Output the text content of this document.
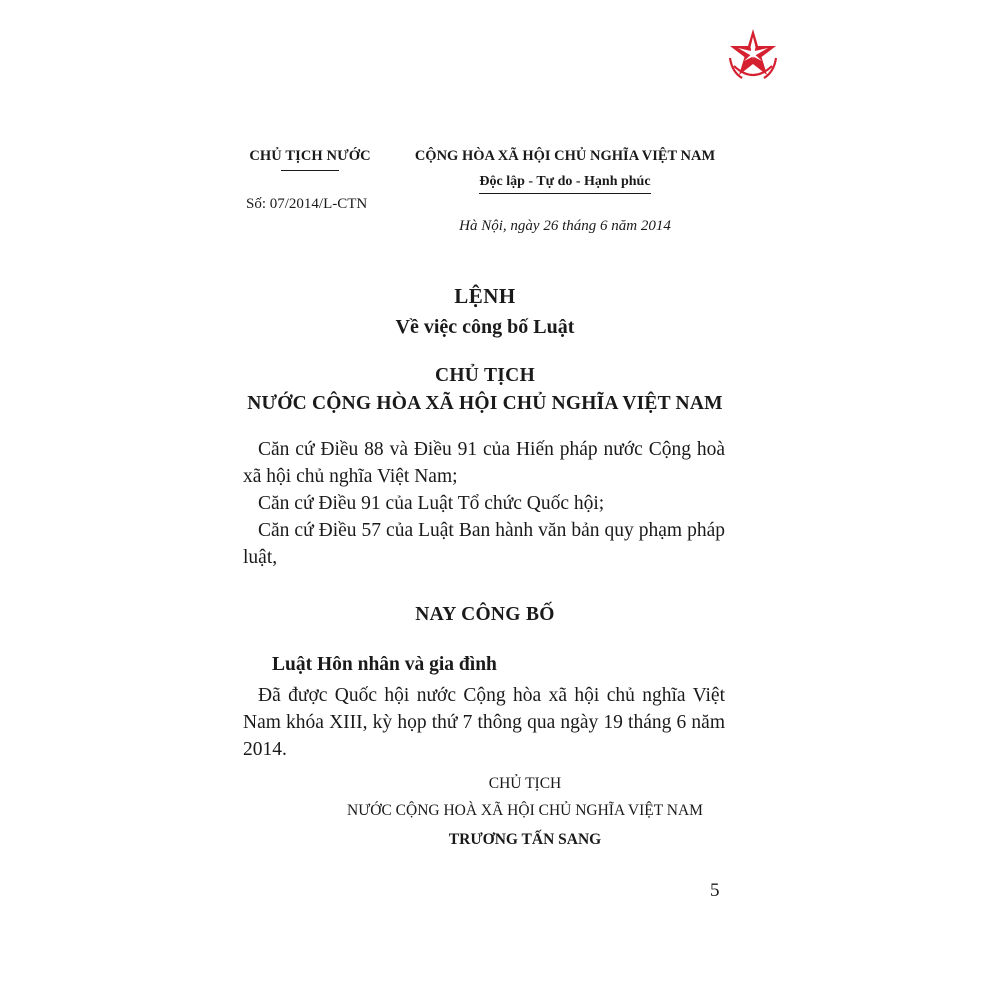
CHỦ TỊCH NƯỚC
Số: 07/2014/L-CTN
CỘNG HÒA XÃ HỘI CHỦ NGHĨA VIỆT NAM
Độc lập - Tự do - Hạnh phúc
Hà Nội, ngày 26 tháng 6 năm 2014
LỆNH
Về việc công bố Luật
CHỦ TỊCH
NƯỚC CỘNG HÒA XÃ HỘI CHỦ NGHĨA VIỆT NAM

Căn cứ Điều 88 và Điều 91 của Hiến pháp nước Cộng hoà xã hội chủ nghĩa Việt Nam;

Căn cứ Điều 91 của Luật Tổ chức Quốc hội;

Căn cứ Điều 57 của Luật Ban hành văn bản quy phạm pháp luật,

NAY CÔNG BỐ
Luật Hôn nhân và gia đình

Đã được Quốc hội nước Cộng hòa xã hội chủ nghĩa Việt Nam khóa XIII, kỳ họp thứ 7 thông qua ngày 19 tháng 6 năm 2014.

CHỦ TỊCH
NƯỚC CỘNG HOÀ XÃ HỘI CHỦ NGHĨA VIỆT NAM
TRƯƠNG TẤN SANG
5
